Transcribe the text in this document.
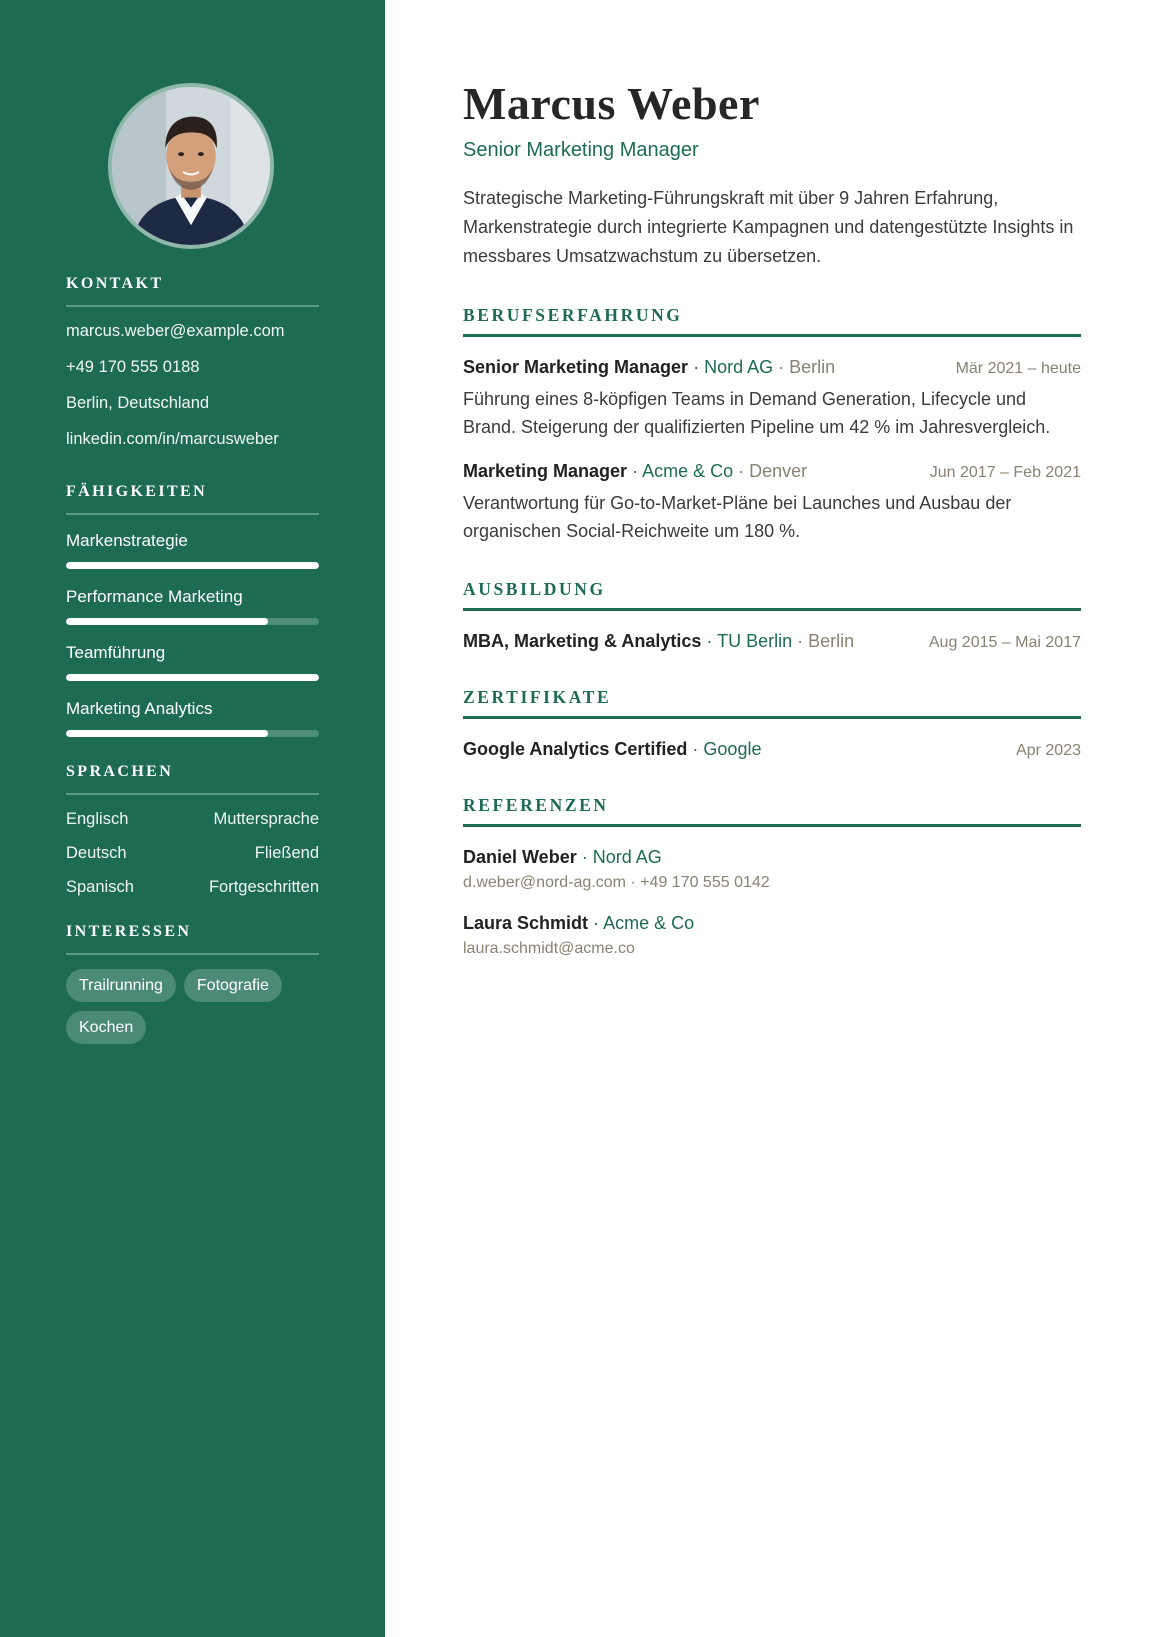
KONTAKT
marcus.weber@example.com
+49 170 555 0188
Berlin, Deutschland
linkedin.com/in/marcusweber
FÄHIGKEITEN
Markenstrategie
Performance Marketing
Teamführung
Marketing Analytics
SPRACHEN
Englisch	Muttersprache
Deutsch	Fließend
Spanisch	Fortgeschritten
INTERESSEN
Trailrunning	Fotografie
Kochen
Marcus Weber
Senior Marketing Manager
Strategische Marketing-Führungskraft mit über 9 Jahren Erfahrung, Markenstrategie durch integrierte Kampagnen und datengestützte Insights in messbares Umsatzwachstum zu übersetzen.
BERUFSERFAHRUNG
Senior Marketing Manager · Nord AG · Berlin	Mär 2021 – heute
Führung eines 8-köpfigen Teams in Demand Generation, Lifecycle und Brand. Steigerung der qualifizierten Pipeline um 42 % im Jahresvergleich.
Marketing Manager · Acme & Co · Denver	Jun 2017 – Feb 2021
Verantwortung für Go-to-Market-Pläne bei Launches und Ausbau der organischen Social-Reichweite um 180 %.
AUSBILDUNG
MBA, Marketing & Analytics · TU Berlin · Berlin	Aug 2015 – Mai 2017
ZERTIFIKATE
Google Analytics Certified · Google	Apr 2023
REFERENZEN
Daniel Weber · Nord AG
d.weber@nord-ag.com · +49 170 555 0142
Laura Schmidt · Acme & Co
laura.schmidt@acme.co
